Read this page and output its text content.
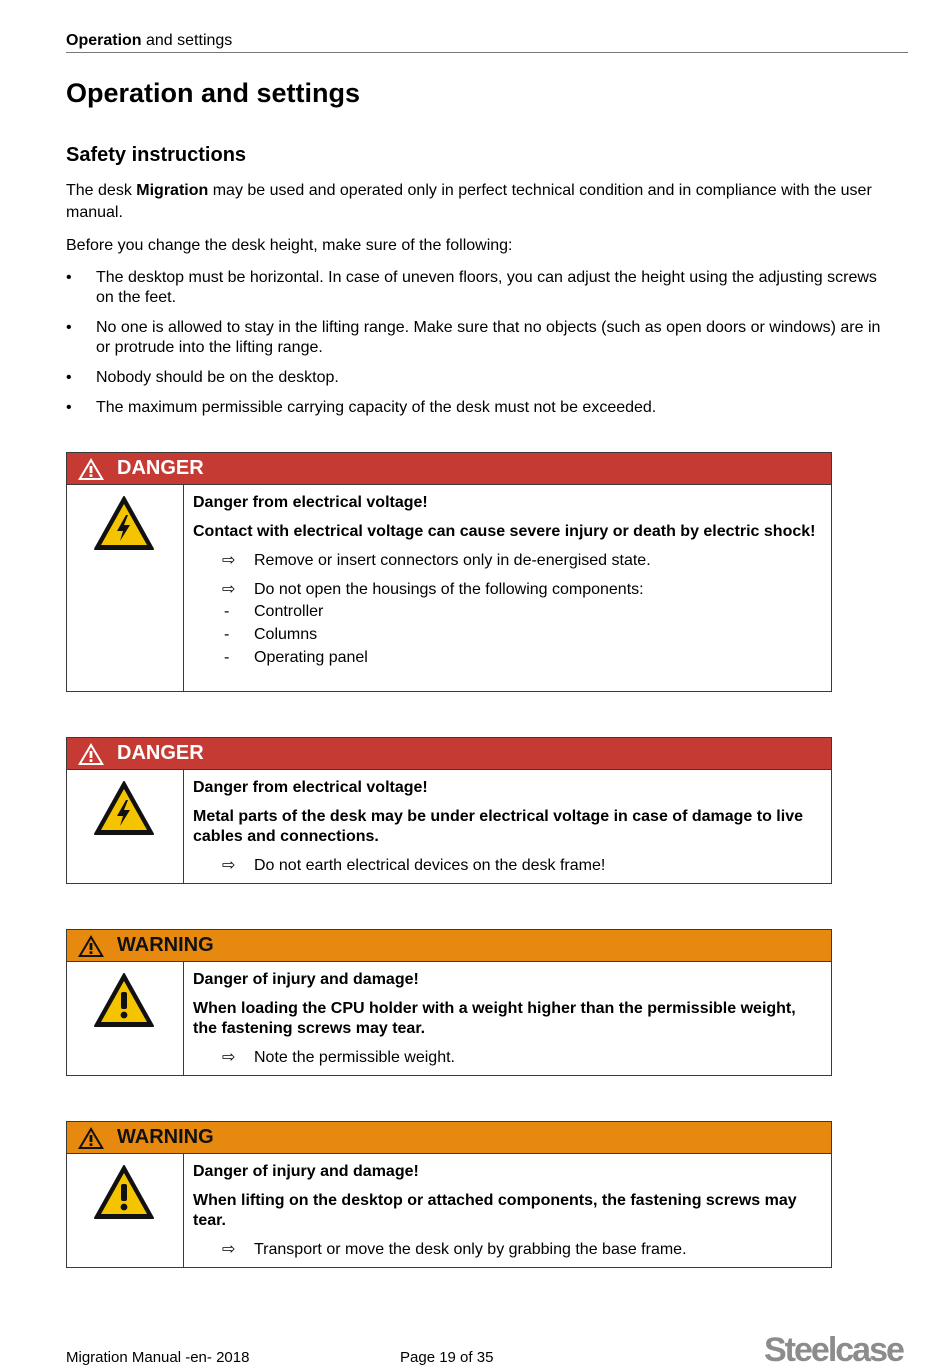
Operation and settings
Operation and settings
Safety instructions

The desk Migration may be used and operated only in perfect technical condition and in compliance with the user manual.

Before you change the desk height, make sure of the following:

• The desktop must be horizontal. In case of uneven floors, you can adjust the height using the adjusting screws on the feet.
• No one is allowed to stay in the lifting range. Make sure that no objects (such as open doors or windows) are in or protrude into the lifting range.
• Nobody should be on the desktop.
• The maximum permissible carrying capacity of the desk must not be exceeded.
DANGER

Danger from electrical voltage!

Contact with electrical voltage can cause severe injury or death by electric shock!

⇨ Remove or insert connectors only in de-energised state.

⇨ Do not open the housings of the following components:

- Controller

- Columns

- Operating panel

DANGER

Danger from electrical voltage!

Metal parts of the desk may be under electrical voltage in case of damage to live cables and connections.

⇨ Do not earth electrical devices on the desk frame!

WARNING

Danger of injury and damage!

When loading the CPU holder with a weight higher than the permissible weight, the fastening screws may tear.

⇨ Note the permissible weight.

WARNING

Danger of injury and damage!

When lifting on the desktop or attached components, the fastening screws may tear.

⇨ Transport or move the desk only by grabbing the base frame.

Migration Manual -en- 2018	Page 19 of 35	Steelcase
